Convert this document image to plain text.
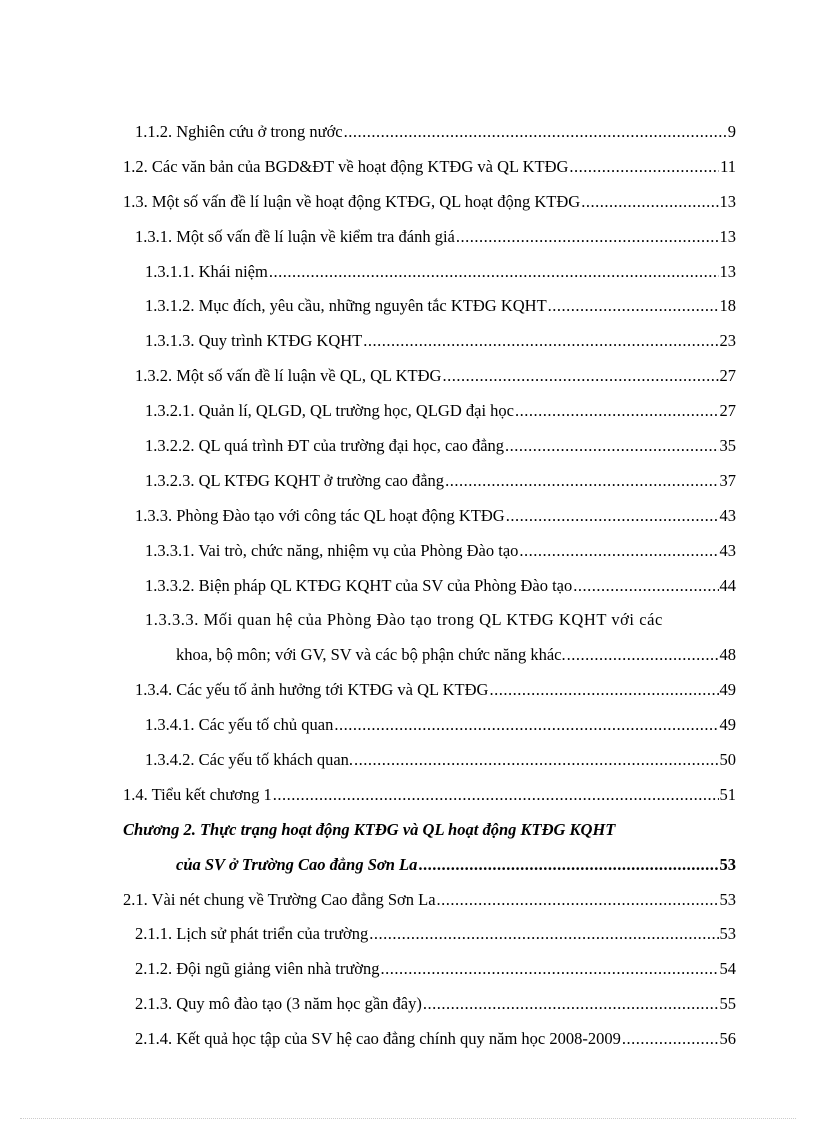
1.1.2. Nghiên cứu ở trong nước .....	9
1.2. Các văn bản của BGD&ĐT về hoạt động KTĐG và QL KTĐG .....	11
1.3. Một số vấn đề lí luận về hoạt động KTĐG, QL hoạt động KTĐG .....	13
1.3.1. Một số vấn đề lí luận về kiểm tra đánh giá .....	13
1.3.1.1. Khái niệm .....	13
1.3.1.2. Mục đích, yêu cầu, những nguyên tắc KTĐG KQHT .....	18
1.3.1.3. Quy trình KTĐG KQHT .....	23
1.3.2. Một số vấn đề lí luận về QL, QL KTĐG .....	27
1.3.2.1. Quản lí, QLGD, QL trường học, QLGD đại học .....	27
1.3.2.2. QL quá trình ĐT của trường đại học, cao đẳng .....	35
1.3.2.3. QL KTĐG KQHT ở trường cao đẳng .....	37
1.3.3. Phòng Đào tạo với công tác QL hoạt động KTĐG .....	43
1.3.3.1. Vai trò, chức năng, nhiệm vụ của Phòng Đào tạo .....	43
1.3.3.2. Biện pháp QL KTĐG KQHT của SV của Phòng Đào tạo .....	44
1.3.3.3. Mối quan hệ của Phòng Đào tạo trong QL KTĐG KQHT với các
khoa, bộ môn; với GV, SV và các bộ phận chức năng khác. .....	48
1.3.4. Các yếu tố ảnh hưởng tới KTĐG và QL KTĐG .....	49
1.3.4.1. Các yếu tố chủ quan .....	49
1.3.4.2. Các yếu tố khách quan. .....	50
1.4. Tiểu kết chương 1 .....	51
Chương 2. Thực trạng hoạt động KTĐG và QL hoạt động KTĐG KQHT
của SV ở Trường Cao đẳng Sơn La .....	53
2.1. Vài nét chung về Trường Cao đẳng Sơn La .....	53
2.1.1. Lịch sử phát triển của trường .....	53
2.1.2. Đội ngũ giảng viên nhà trường .....	54
2.1.3. Quy mô đào tạo (3 năm học gần đây) .....	55
2.1.4. Kết quả học tập của SV hệ cao đẳng chính quy năm học 2008-2009 .....	56
